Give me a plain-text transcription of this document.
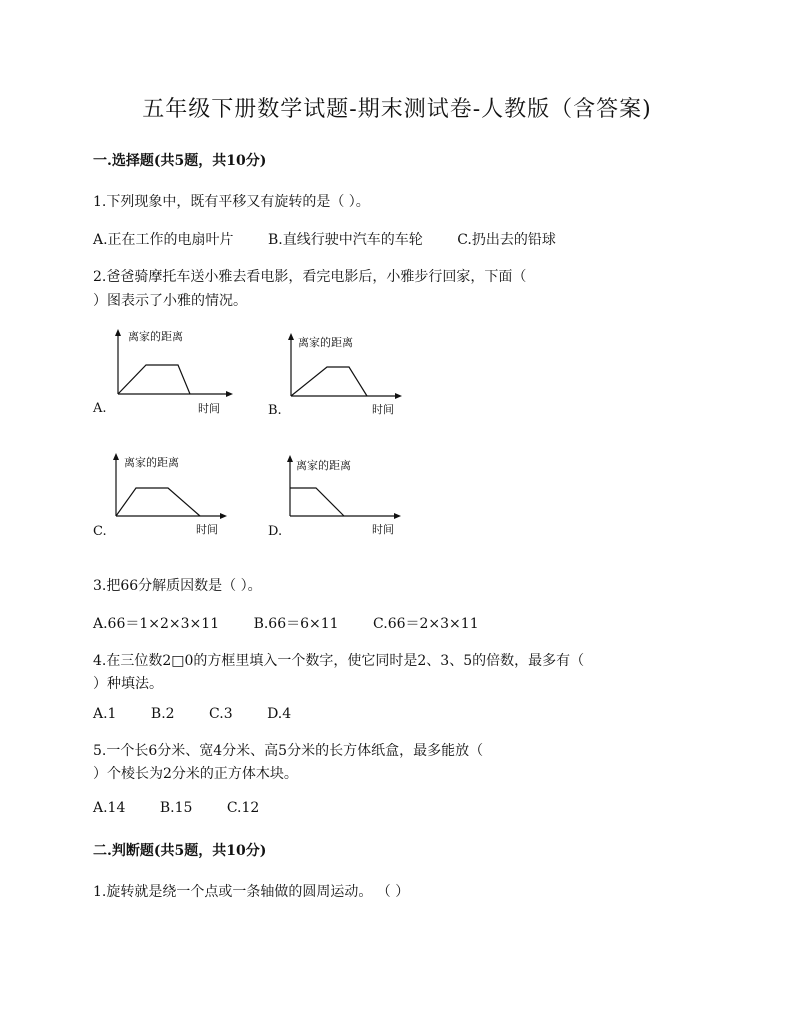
五年级下册数学试题-期末测试卷-人教版（含答案)
一.选择题(共5题，共10分)
1.下列现象中，既有平移又有旋转的是（ ）。
A.正在工作的电扇叶片 B.直线行驶中汽车的车轮 C.扔出去的铅球
2.爸爸骑摩托车送小雅去看电影，看完电影后，小雅步行回家，下面（
）图表示了小雅的情况。
A.
离家的距离
时间	B.
离家的距离
时间
C.
离家的距离
时间	D.
离家的距离
时间
3.把66分解质因数是（ ）。
A.66＝1×2×3×11 B.66＝6×11 C.66＝2×3×11
4.在三位数2□0的方框里填入一个数字，使它同时是2、3、5的倍数，最多有（
）种填法。
A.1 B.2 C.3 D.4
5.一个长6分米、宽4分米、高5分米的长方体纸盒，最多能放（
）个棱长为2分米的正方体木块。
A.14 B.15 C.12
二.判断题(共5题，共10分)
1.旋转就是绕一个点或一条轴做的圆周运动。 （ ）
